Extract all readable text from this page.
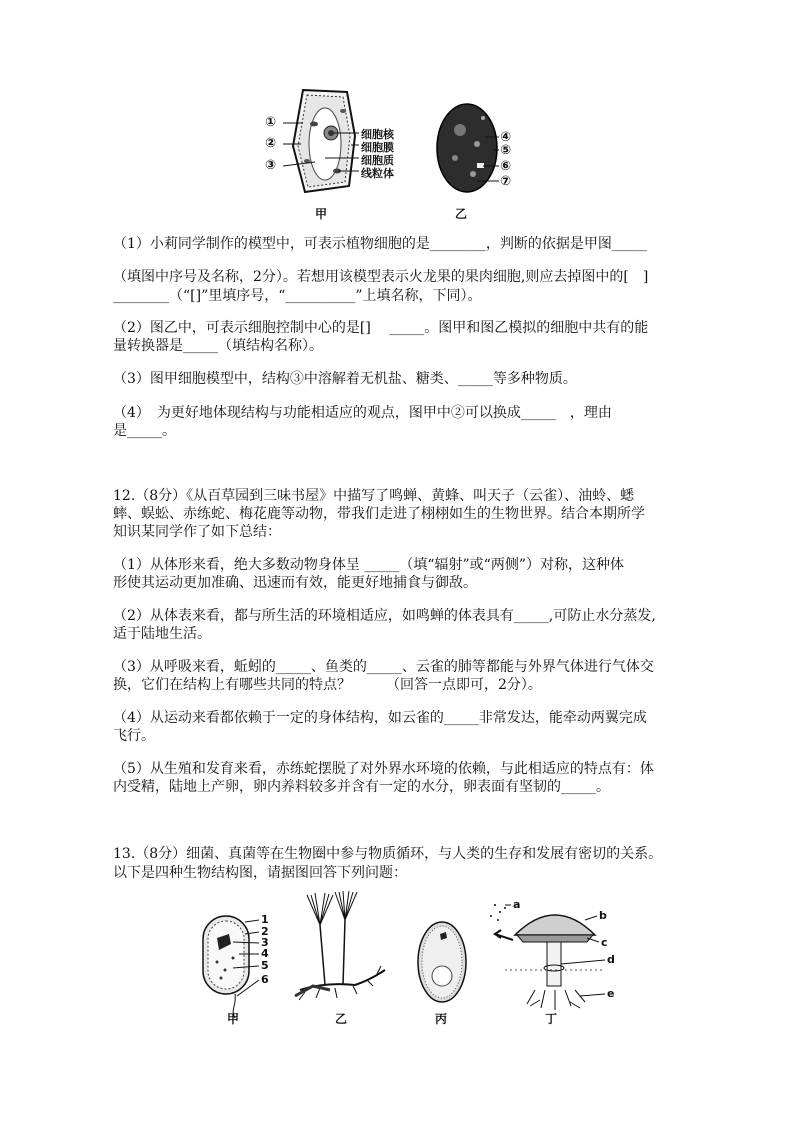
①
②
③
细胞核
细胞膜
细胞质
线粒体
④
⑤
⑥
⑦
甲	乙
（1）小莉同学制作的模型中，可表示植物细胞的是________，判断的依据是甲图_____
（填图中序号及名称，2分）。若想用该模型表示火龙果的果肉细胞,则应去掉图中的[　]
________（“[]”里填序号，“__________”上填名称，下同）。
（2）图乙中，可表示细胞控制中心的是[]　 _____。图甲和图乙模拟的细胞中共有的能
量转换器是_____（填结构名称）。
（3）图甲细胞模型中，结构③中溶解着无机盐、糖类、_____等多种物质。
（4）　为更好地体现结构与功能相适应的观点，图甲中②可以换成_____　，理由
是_____。
12.（8分）《从百草园到三味书屋》中描写了鸣蝉、黄蜂、叫天子（云雀）、油蛉、蟋
蟀、蜈蚣、赤练蛇、梅花鹿等动物，带我们走进了栩栩如生的生物世界。结合本期所学
知识某同学作了如下总结：
（1）从体形来看，绝大多数动物身体呈 _____（填“辐射”或“两侧”）对称，这种体
形使其运动更加准确、迅速而有效，能更好地捕食与御敌。
（2）从体表来看，都与所生活的环境相适应，如鸣蝉的体表具有_____,可防止水分蒸发,
适于陆地生活。
（3）从呼吸来看，蚯蚓的_____、鱼类的_____、云雀的肺等都能与外界气体进行气体交
换，它们在结构上有哪些共同的特点？　　　（回答一点即可，2分）。
（4）从运动来看都依赖于一定的身体结构，如云雀的_____非常发达，能牵动两翼完成
飞行。
（5）从生殖和发育来看，赤练蛇摆脱了对外界水环境的依赖，与此相适应的特点有：体
内受精，陆地上产卵，卵内养料较多并含有一定的水分，卵表面有坚韧的_____。
13.（8分）细菌、真菌等在生物圈中参与物质循环，与人类的生存和发展有密切的关系。
以下是四种生物结构图，请据图回答下列问题：
1
2
3
4
5
6
a
b
c
d
e
甲	乙	丙	丁
